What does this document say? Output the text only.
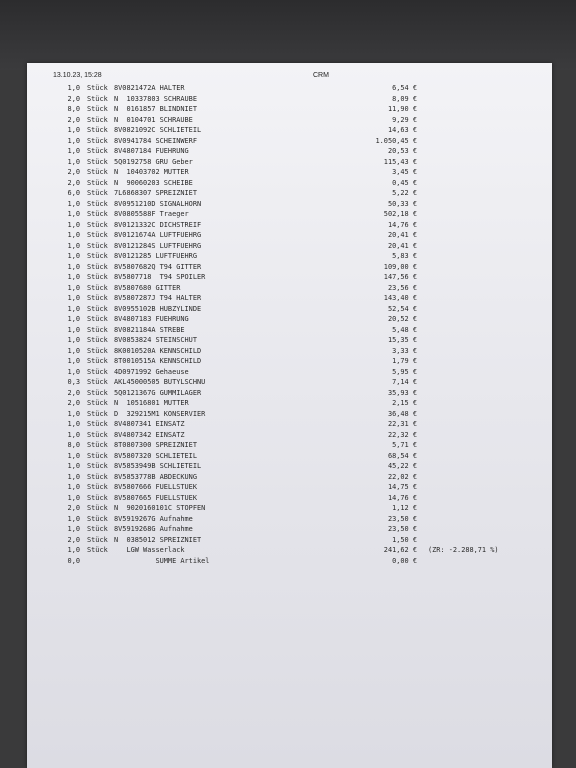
13.10.23, 15:28	CRM
1,0 Stück 8V0821472A HALTER	6,54 €
2,0 Stück N  10337803 SCHRAUBE	8,09 €
8,0 Stück N  0161857 BLINDNIET	11,90 €
2,0 Stück N  0104701 SCHRAUBE	9,29 €
1,0 Stück 8V0821092C SCHLIETEIL	14,63 €
1,0 Stück 8V0941784 SCHEINWERF	1.050,45 €
1,0 Stück 8V4807184 FUEHRUNG	20,53 €
1,0 Stück 5Q0192758 GRU Geber	115,43 €
2,0 Stück N  10403702 MUTTER	3,45 €
2,0 Stück N  90060203 SCHEIBE	0,45 €
6,0 Stück 7L6868307 SPREIZNIET	5,22 €
1,0 Stück 8V0951210D SIGNALHORN	50,33 €
1,0 Stück 8V0805588F Traeger	502,18 €
1,0 Stück 8V0121332C DICHSTREIF	14,76 €
1,0 Stück 8V0121674A LUFTFUEHRG	20,41 €
1,0 Stück 8V0121284S LUFTFUEHRG	20,41 €
1,0 Stück 8V0121285 LUFTFUEHRG	5,83 €
1,0 Stück 8V5807682Q T94 GITTER	109,00 €
1,0 Stück 8V5807718  T94 SPOILER	147,56 €
1,0 Stück 8V5807680 GITTER	23,56 €
1,0 Stück 8V5807287J T94 HALTER	143,40 €
1,0 Stück 8V0955102B HUBZYLINDE	52,54 €
1,0 Stück 8V4807183 FUEHRUNG	20,52 €
1,0 Stück 8V0821184A STREBE	5,48 €
1,0 Stück 8V0853824 STEINSCHUT	15,35 €
1,0 Stück 8K0010520A KENNSCHILD	3,33 €
1,0 Stück 8T0010515A KENNSCHILD	1,79 €
1,0 Stück 4D0971992 Gehaeuse	5,95 €
0,3 Stück AKL45000505 BUTYLSCHNU	7,14 €
2,0 Stück 5Q0121367G GUMMILAGER	35,93 €
2,0 Stück N  10516801 MUTTER	2,15 €
1,0 Stück D  329215M1 KONSERVIER	36,48 €
1,0 Stück 8V4807341 EINSATZ	22,31 €
1,0 Stück 8V4807342 EINSATZ	22,32 €
8,0 Stück 8T0807300 SPREIZNIET	5,71 €
1,0 Stück 8V5807320 SCHLIETEIL	68,54 €
1,0 Stück 8V5853949B SCHLIETEIL	45,22 €
1,0 Stück 8V5853778B ABDECKUNG	22,02 €
1,0 Stück 8V5807666 FUELLSTUEK	14,75 €
1,0 Stück 8V5807665 FUELLSTUEK	14,76 €
2,0 Stück N  9020160101C STOPFEN	1,12 €
1,0 Stück 8V5919267G Aufnahme	23,50 €
1,0 Stück 8V5919268G Aufnahme	23,50 €
2,0 Stück N  0385012 SPREIZNIET	1,50 €
1,0 Stück LGW Wasserlack	241,62 € (ZR: -2.288,71 %)
0,0	SUMME Artikel	0,00 €
